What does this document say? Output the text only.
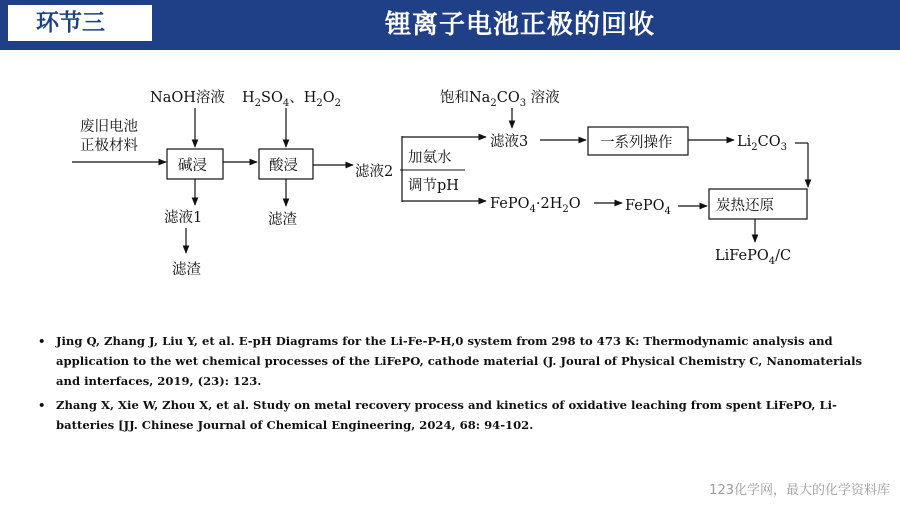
环节三	锂离子电池正极的回收
废旧电池
正极材料
NaOH溶液
碱浸
滤液1
滤渣
$H_2SO_4$、$H_2O_2$
酸浸
滤渣
滤液2
加氨水
调节pH
饱和$Na_2CO_3$ 溶液
滤液3	一系列操作	$Li_2CO_3$
$FePO_4\cdot 2H_2O$	FePO$_4$	炭热还原
LiFePO$_4$/C
• Jing Q, Zhang J, Liu Y, et al. E-pH Diagrams for the Li-Fe-P-H,0 system from 298 to 473 K: Thermodynamic analysis and application to the wet chemical processes of the LiFePO, cathode material (J. Joural of Physical Chemistry C, Nanomaterials and interfaces, 2019, (23): 123.
• Zhang X, Xie W, Zhou X, et al. Study on metal recovery process and kinetics of oxidative leaching from spent LiFePO, Li-batteries [JJ. Chinese Journal of Chemical Engineering, 2024, 68: 94-102.
123化学网，最大的化学资料库
